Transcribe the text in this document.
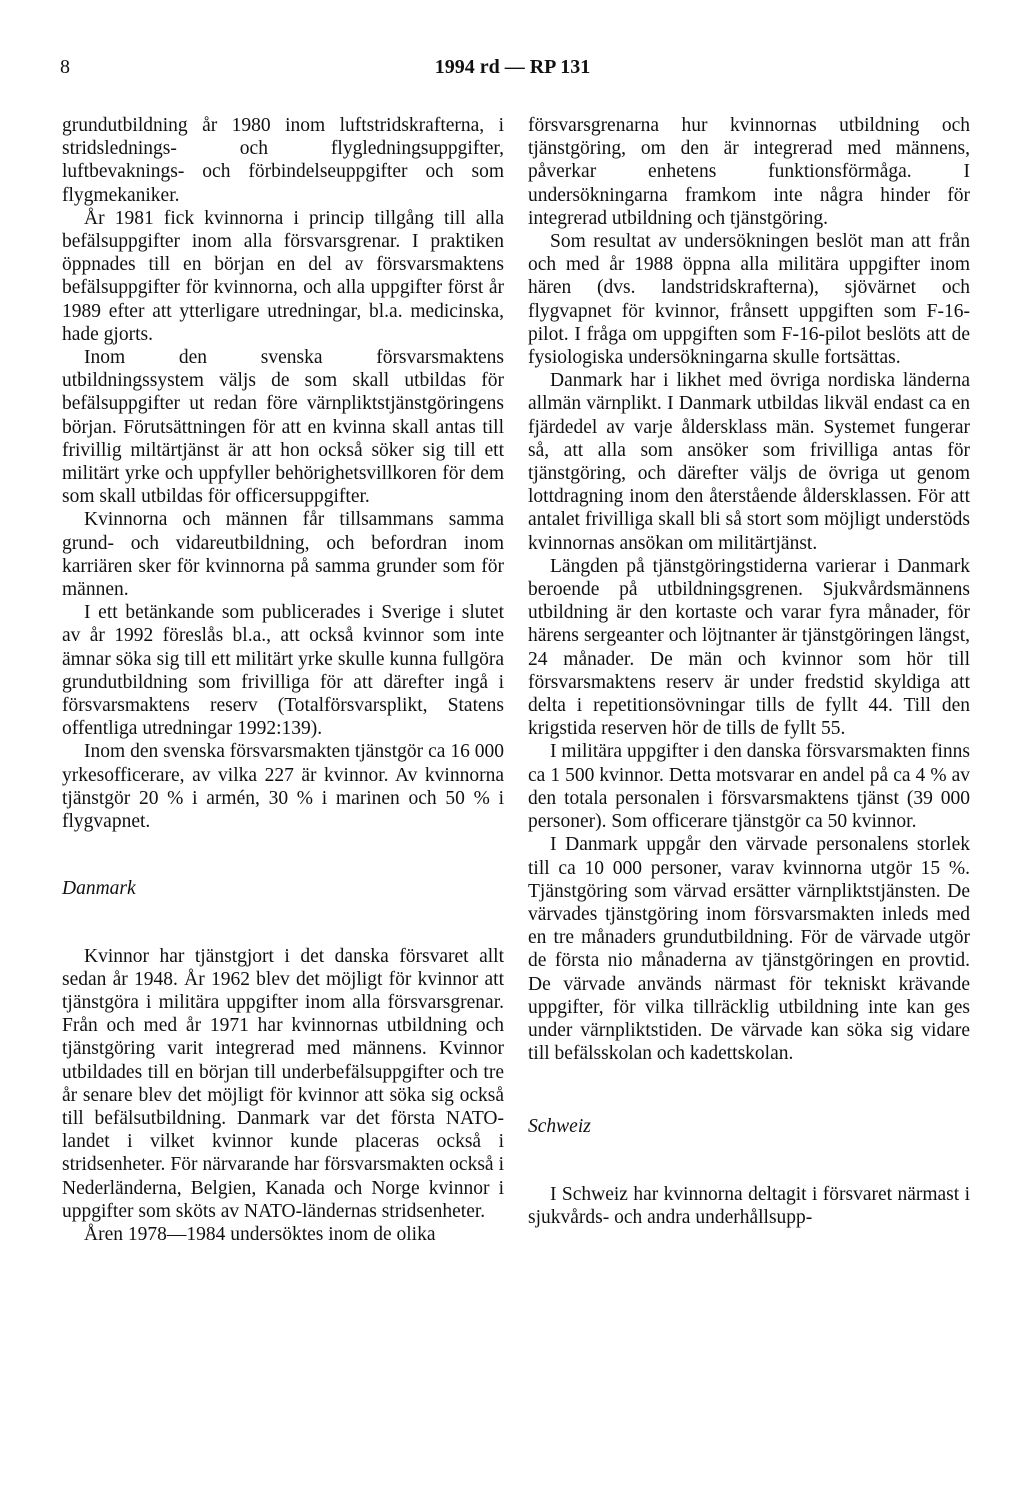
8	1994 rd — RP 131

grundutbildning år 1980 inom luftstridskrafterna, i stridslednings- och flygledningsuppgifter, luftbevaknings- och förbindelseuppgifter och som flygmekaniker.

År 1981 fick kvinnorna i princip tillgång till alla befälsuppgifter inom alla försvarsgrenar. I praktiken öppnades till en början en del av försvarsmaktens befälsuppgifter för kvinnorna, och alla uppgifter först år 1989 efter att ytterligare utredningar, bl.a. medicinska, hade gjorts.

Inom den svenska försvarsmaktens utbildningssystem väljs de som skall utbildas för befälsuppgifter ut redan före värnpliktstjänstgöringens början. Förutsättningen för att en kvinna skall antas till frivillig miltärtjänst är att hon också söker sig till ett militärt yrke och uppfyller behörighetsvillkoren för dem som skall utbildas för officersuppgifter.

Kvinnorna och männen får tillsammans samma grund- och vidareutbildning, och befordran inom karriären sker för kvinnorna på samma grunder som för männen.

I ett betänkande som publicerades i Sverige i slutet av år 1992 föreslås bl.a., att också kvinnor som inte ämnar söka sig till ett militärt yrke skulle kunna fullgöra grundutbildning som frivilliga för att därefter ingå i försvarsmaktens reserv (Totalförsvarsplikt, Statens offentliga utredningar 1992:139).

Inom den svenska försvarsmakten tjänstgör ca 16 000 yrkesofficerare, av vilka 227 är kvinnor. Av kvinnorna tjänstgör 20 % i armén, 30 % i marinen och 50 % i flygvapnet.

Danmark

Kvinnor har tjänstgjort i det danska försvaret allt sedan år 1948. År 1962 blev det möjligt för kvinnor att tjänstgöra i militära uppgifter inom alla försvarsgrenar. Från och med år 1971 har kvinnornas utbildning och tjänstgöring varit integrerad med männens. Kvinnor utbildades till en början till underbefälsuppgifter och tre år senare blev det möjligt för kvinnor att söka sig också till befälsutbildning. Danmark var det första NATO-landet i vilket kvinnor kunde placeras också i stridsenheter. För närvarande har försvarsmakten också i Nederländerna, Belgien, Kanada och Norge kvinnor i uppgifter som sköts av NATO-ländernas stridsenheter.

Åren 1978—1984 undersöktes inom de olika

försvarsgrenarna hur kvinnornas utbildning och tjänstgöring, om den är integrerad med männens, påverkar enhetens funktionsförmåga. I undersökningarna framkom inte några hinder för integrerad utbildning och tjänstgöring.

Som resultat av undersökningen beslöt man att från och med år 1988 öppna alla militära uppgifter inom hären (dvs. landstridskrafterna), sjövärnet och flygvapnet för kvinnor, frånsett uppgiften som F-16-pilot. I fråga om uppgiften som F-16-pilot beslöts att de fysiologiska undersökningarna skulle fortsättas.

Danmark har i likhet med övriga nordiska länderna allmän värnplikt. I Danmark utbildas likväl endast ca en fjärdedel av varje åldersklass män. Systemet fungerar så, att alla som ansöker som frivilliga antas för tjänstgöring, och därefter väljs de övriga ut genom lottdragning inom den återstående åldersklassen. För att antalet frivilliga skall bli så stort som möjligt understöds kvinnornas ansökan om militärtjänst.

Längden på tjänstgöringstiderna varierar i Danmark beroende på utbildningsgrenen. Sjukvårdsmännens utbildning är den kortaste och varar fyra månader, för härens sergeanter och löjtnanter är tjänstgöringen längst, 24 månader. De män och kvinnor som hör till försvarsmaktens reserv är under fredstid skyldiga att delta i repetitionsövningar tills de fyllt 44. Till den krigstida reserven hör de tills de fyllt 55.

I militära uppgifter i den danska försvarsmakten finns ca 1 500 kvinnor. Detta motsvarar en andel på ca 4 % av den totala personalen i försvarsmaktens tjänst (39 000 personer). Som officerare tjänstgör ca 50 kvinnor.

I Danmark uppgår den värvade personalens storlek till ca 10 000 personer, varav kvinnorna utgör 15 %. Tjänstgöring som värvad ersätter värnpliktstjänsten. De värvades tjänstgöring inom försvarsmakten inleds med en tre månaders grundutbildning. För de värvade utgör de första nio månaderna av tjänstgöringen en provtid. De värvade används närmast för tekniskt krävande uppgifter, för vilka tillräcklig utbildning inte kan ges under värnpliktstiden. De värvade kan söka sig vidare till befälsskolan och kadettskolan.

Schweiz

I Schweiz har kvinnorna deltagit i försvaret närmast i sjukvårds- och andra underhållsupp-
